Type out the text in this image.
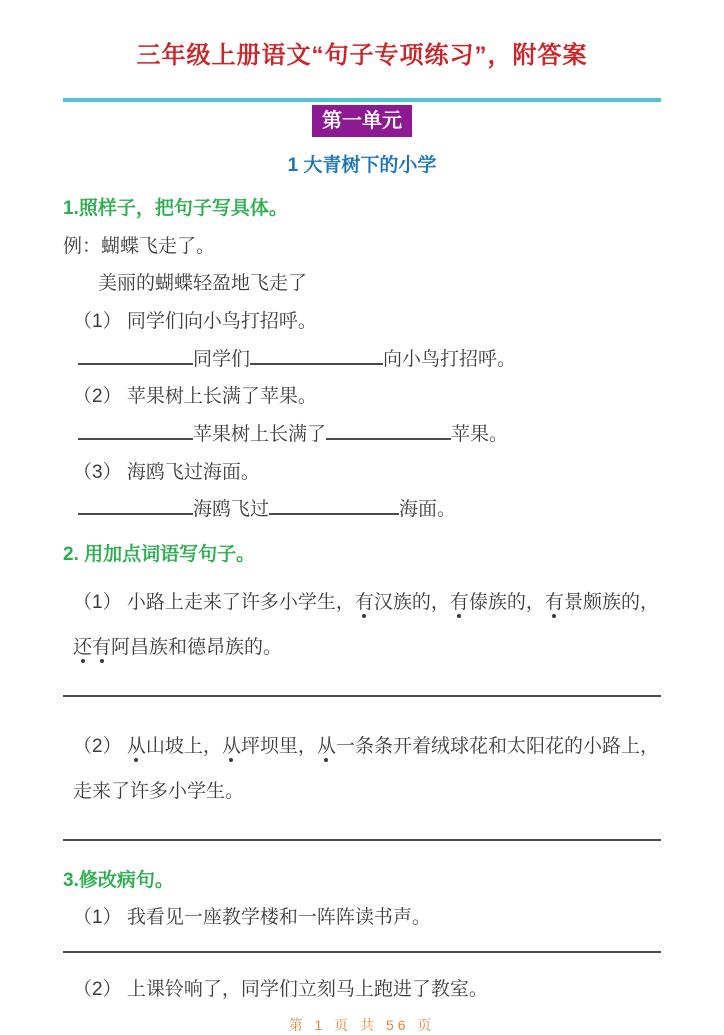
三年级上册语文“句子专项练习”，附答案
第一单元
1 大青树下的小学
1.照样子，把句子写具体。

例：蝴蝶飞走了。

美丽的蝴蝶轻盈地飞走了

（1） 同学们向小鸟打招呼。

同学们	向小鸟打招呼。

（2） 苹果树上长满了苹果。

苹果树上长满了	苹果。

（3） 海鸥飞过海面。

海鸥飞过	海面。

2. 用加点词语写句子。

（1） 小路上走来了许多小学生，有汉族的，有傣族的，有景颇族的，还有阿昌族和德昂族的。

（2） 从山坡上，从坪坝里，从一条条开着绒球花和太阳花的小路上，走来了许多小学生。

3.修改病句。

（1） 我看见一座教学楼和一阵阵读书声。

（2） 上课铃响了，同学们立刻马上跑进了教室。

第 1 页 共 56 页
